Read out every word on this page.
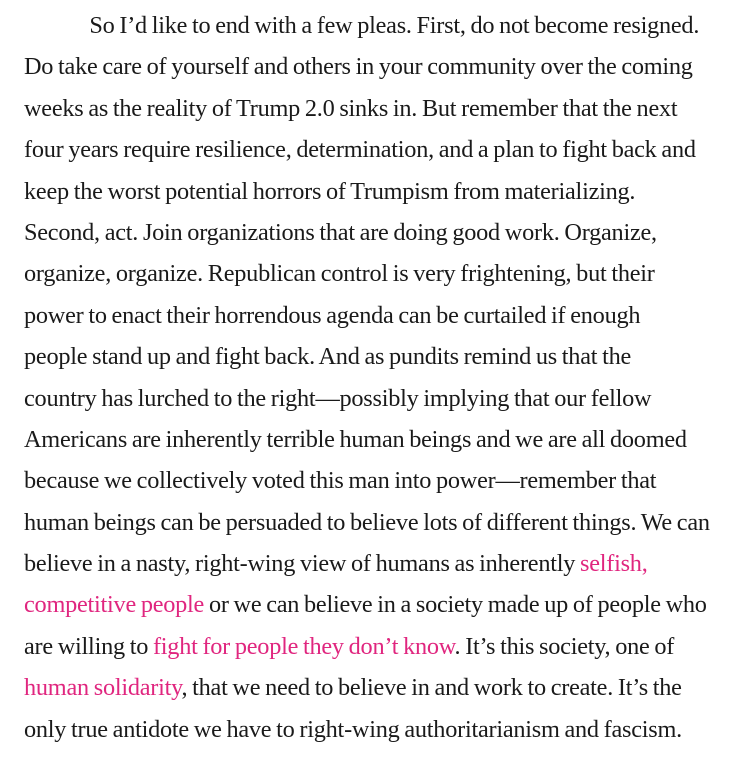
So I’d like to end with a few pleas. First, do not become resigned.
Do take care of yourself and others in your community over the coming
weeks as the reality of Trump 2.0 sinks in. But remember that the next
four years require resilience, determination, and a plan to fight back and
keep the worst potential horrors of Trumpism from materializing.
Second, act. Join organizations that are doing good work. Organize,
organize, organize. Republican control is very frightening, but their
power to enact their horrendous agenda can be curtailed if enough
people stand up and fight back. And as pundits remind us that the
country has lurched to the right—possibly implying that our fellow
Americans are inherently terrible human beings and we are all doomed
because we collectively voted this man into power—remember that
human beings can be persuaded to believe lots of different things. We can
believe in a nasty, right-wing view of humans as inherently selfish,
competitive people or we can believe in a society made up of people who
are willing to fight for people they don’t know. It’s this society, one of
human solidarity, that we need to believe in and work to create. It’s the
only true antidote we have to right-wing authoritarianism and fascism.
